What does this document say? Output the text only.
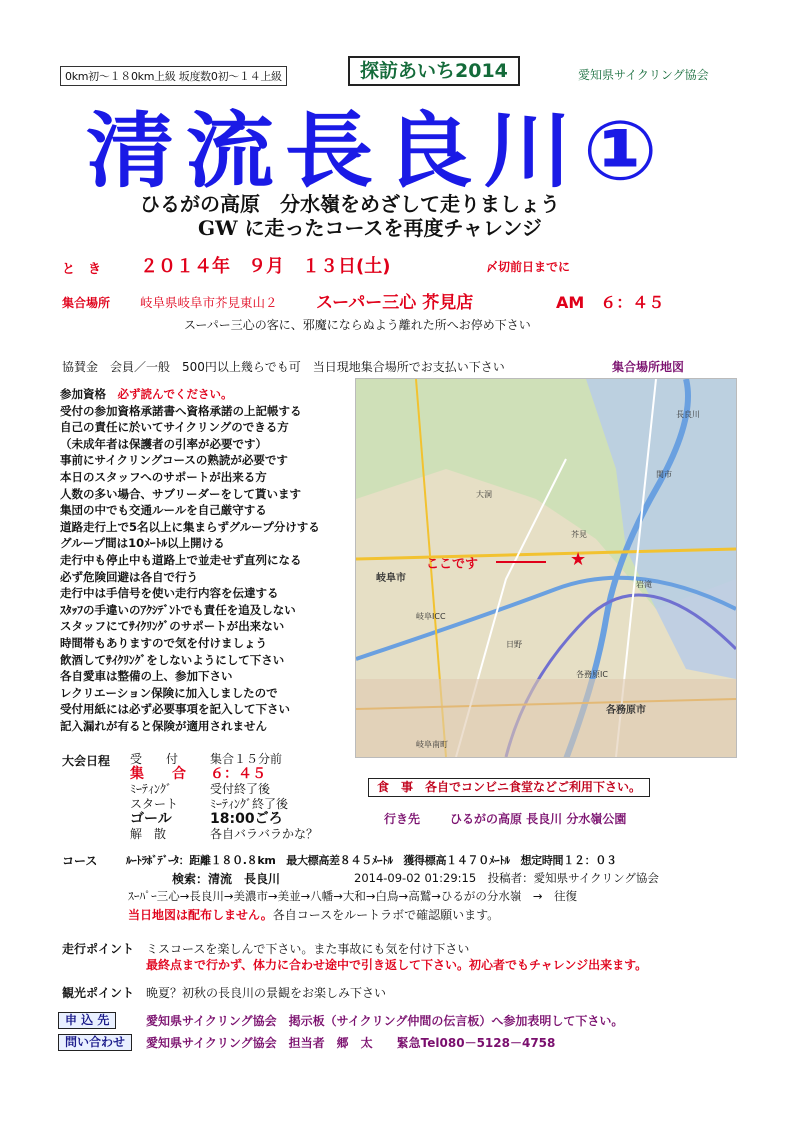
0km初～１８0km上級 坂度数0初～１４上級	探訪あいち2014	愛知県サイクリング協会
清流長良川①
ひるがの高原　分水嶺をめざして走りましょう
GW に走ったコースを再度チャレンジ
と　き ２０１４年　９月　１３日(土)	〆切前日までに
集合場所 岐阜県岐阜市芥見東山２ スーパー三心 芥見店	AM　６：４５
スーパー三心の客に、邪魔にならぬよう離れた所へお停め下さい
協賛金　会員／一般　500円以上幾らでも可　当日現地集合場所でお支払い下さい	集合場所地図
参加資格　 必ず読んでください。
受付の参加資格承諾書へ資格承諾の上記帳する
自己の責任に於いてサイクリングのできる方
（未成年者は保護者の引率が必要です）
事前にサイクリングコースの熟読が必要です
本日のスタッフへのサポートが出来る方
人数の多い場合、サブリーダーをして貰います
集団の中でも交通ルールを自己厳守する
道路走行上で5名以上に集まらずグループ分けする
グループ間は10ﾒｰﾄﾙ以上開ける
走行中も停止中も道路上で並走せず直列になる
必ず危険回避は各自で行う
走行中は手信号を使い走行内容を伝達する
ｽﾀｯﾌの手違いのｱｸｼﾃﾞﾝﾄでも責任を追及しない
スタッフにてｻｲｸﾘﾝｸﾞのサポートが出来ない
時間帯もありますので気を付けましょう
飲酒してｻｲｸﾘﾝｸﾞをしないようにして下さい
各自愛車は整備の上、参加下さい
レクリエーション保険に加入しましたので
受付用紙には必ず必要事項を記入して下さい
記入漏れが有ると保険が適用されません
岐阜市
各務原市
長良川
岐阜ICC
各務原IC
岐阜南町
芥見
関市
大洞
岩滝
日野
ここです	★
大会日程 受　　付	集合１５分前
集　　合 ６：４５
ﾐｰﾃｨﾝｸﾞ	受付終了後
スタート	ﾐｰﾃｨﾝｸﾞ終了後
ゴール	18:00ごろ
解　散	各自バラバラかな？
食　事　各自でコンビニ食堂などご利用下さい。
行き先 ひるがの高原 長良川 分水嶺公園
コース	ﾙｰﾄﾗﾎﾞﾃﾞｰﾀ：距離１８０.８km　最大標高差８４５ﾒｰﾄﾙ　獲得標高１４７０ﾒｰﾄﾙ　想定時間１２：０３
検索：清流　長良川	2014-09-02 01:29:15　投稿者：愛知県サイクリング協会
ｽｰﾊﾟｰ三心→長良川→美濃市→美並→八幡→大和→白鳥→高鷲→ひるがの分水嶺　→　往復
当日地図は配布しません。各自コースをルートラボで確認願います。
走行ポイント ミスコースを楽しんで下さい。また事故にも気を付け下さい
最終点まで行かず、体力に合わせ途中で引き返して下さい。初心者でもチャレンジ出来ます。
観光ポイント 晩夏？初秋の長良川の景観をお楽しみ下さい
申 込 先	愛知県サイクリング協会　掲示板（サイクリング仲間の伝言板）へ参加表明して下さい。
問い合わせ	愛知県サイクリング協会　担当者　郷　太　　緊急Tel080－5128－4758
